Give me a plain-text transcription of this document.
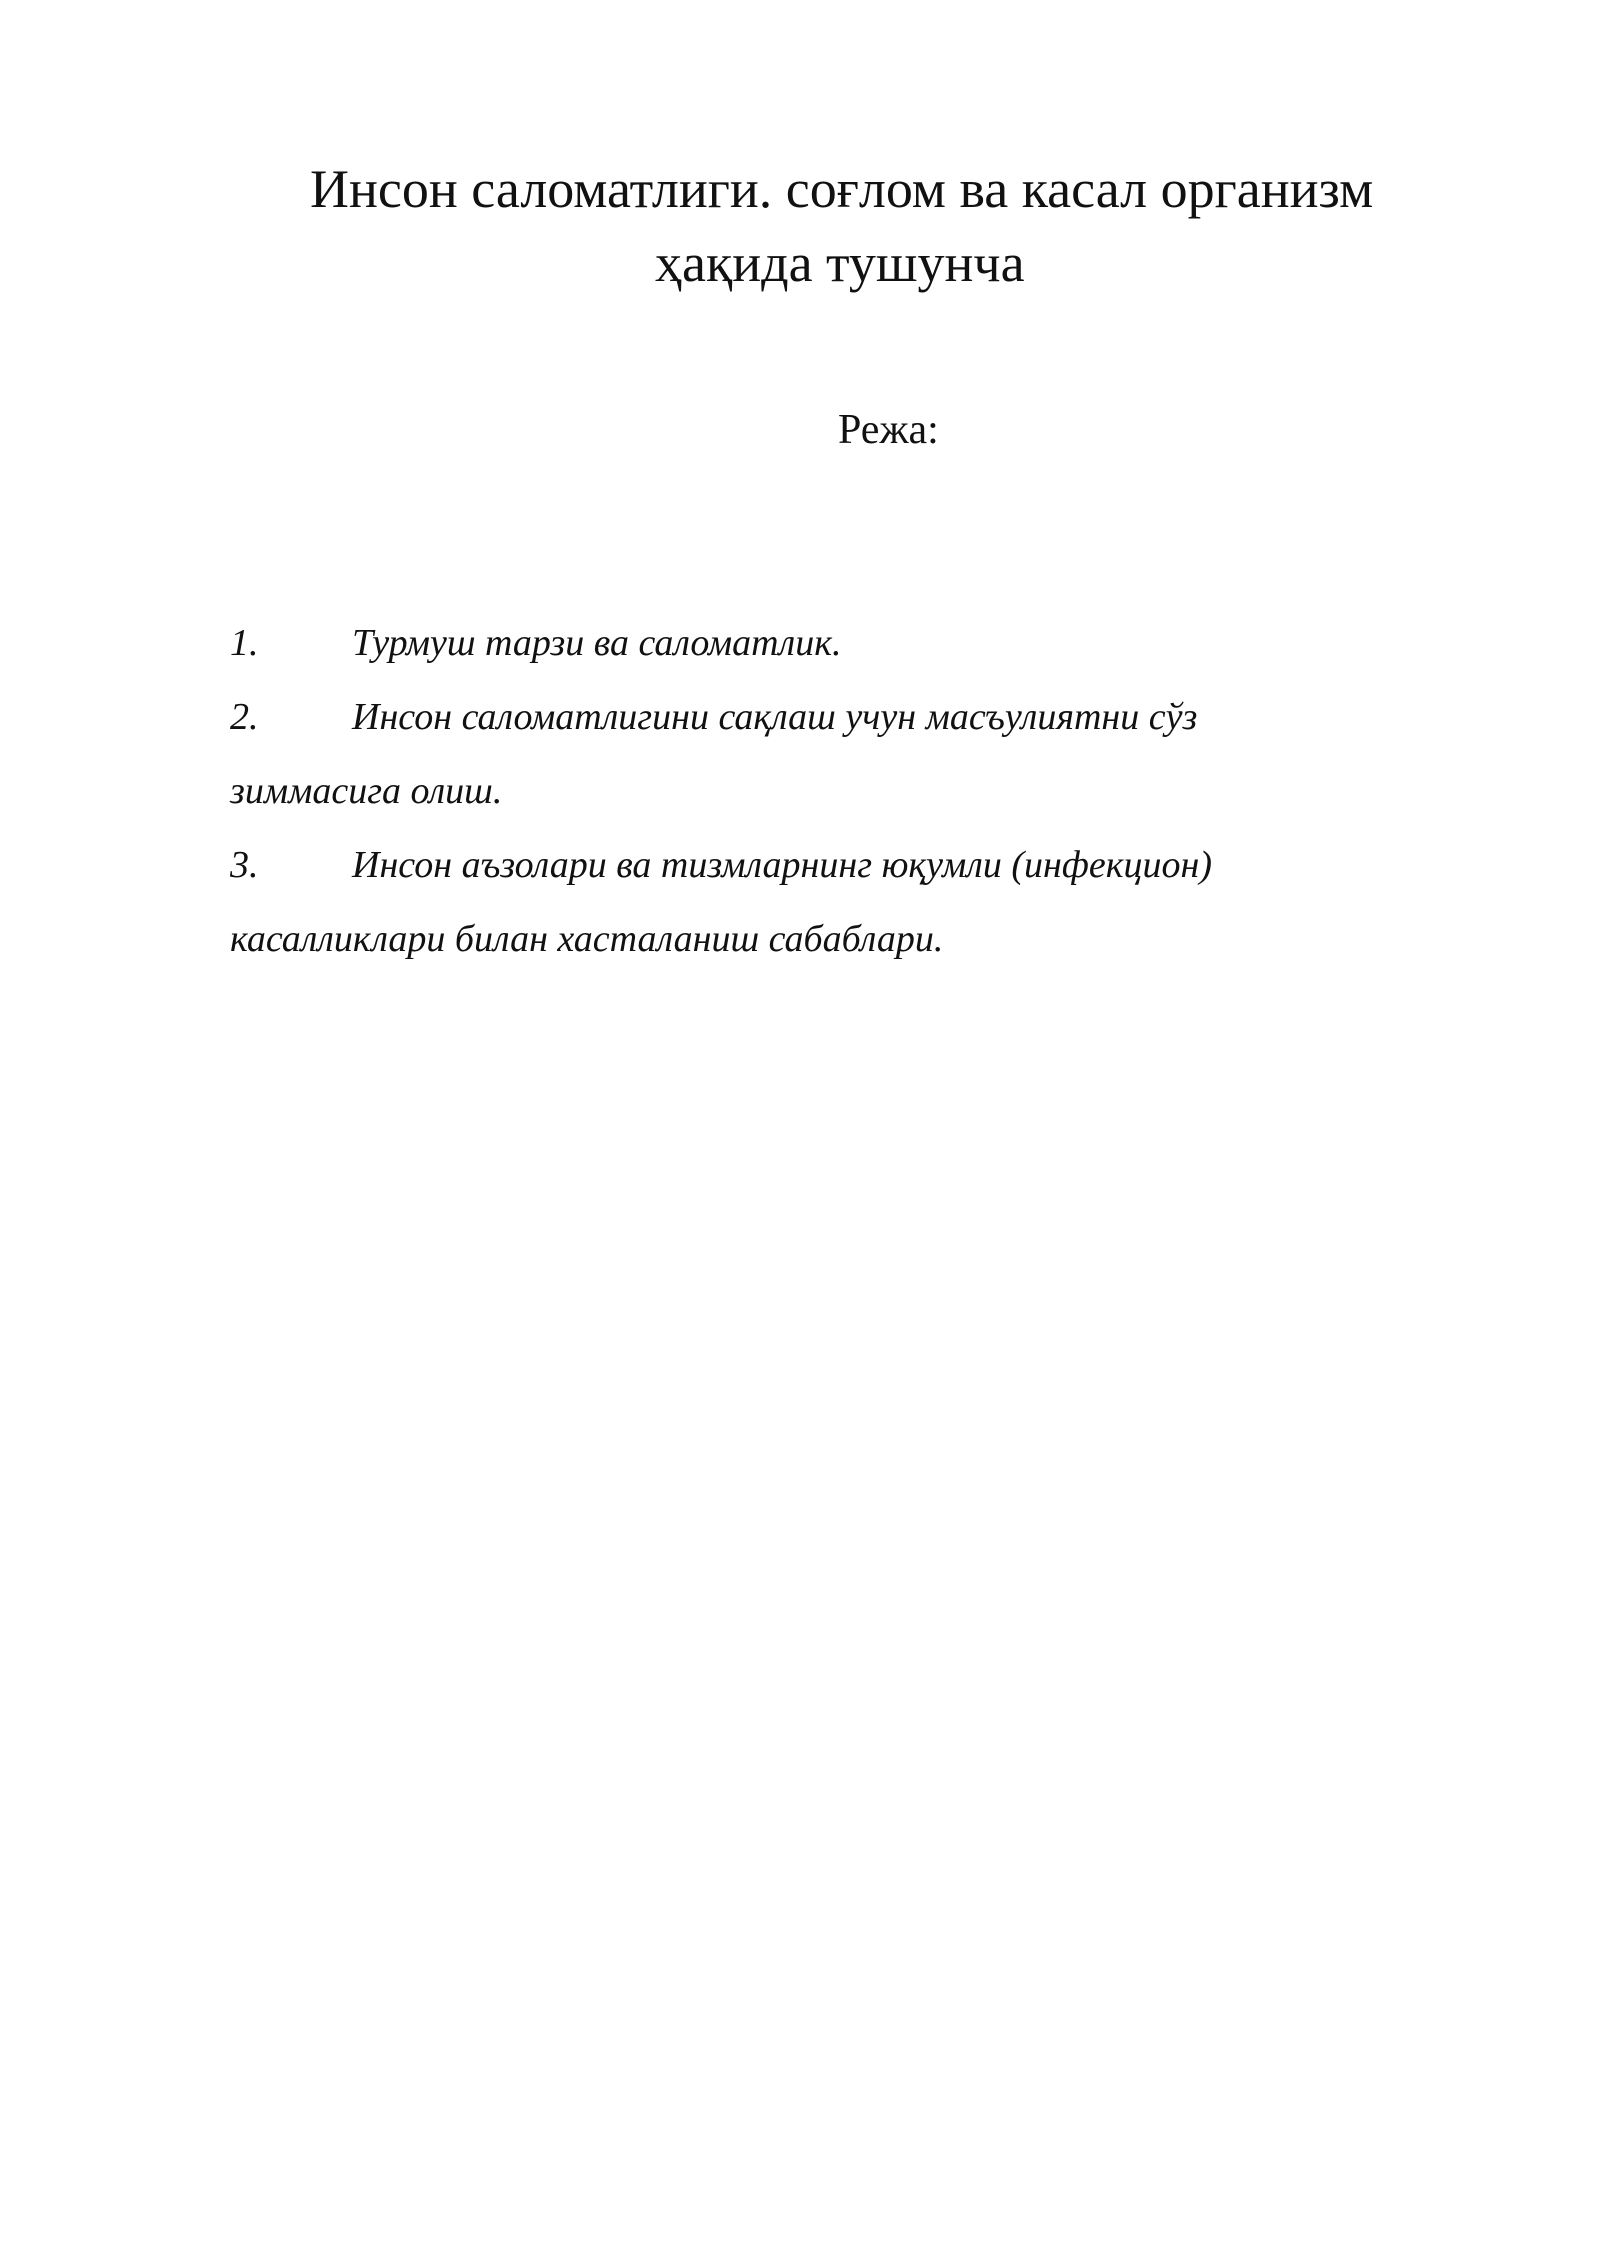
Инсон саломатлиги. соғлом ва касал организм
ҳақида тушунча
Режа:
1. Турмуш тарзи ва саломатлик.
2. Инсон саломатлигини сақлаш учун масъулиятни сўз
зиммасига олиш.
3. Инсон аъзолари ва тизмларнинг юқумли (инфекцион)
касалликлари билан хасталаниш сабаблари.
